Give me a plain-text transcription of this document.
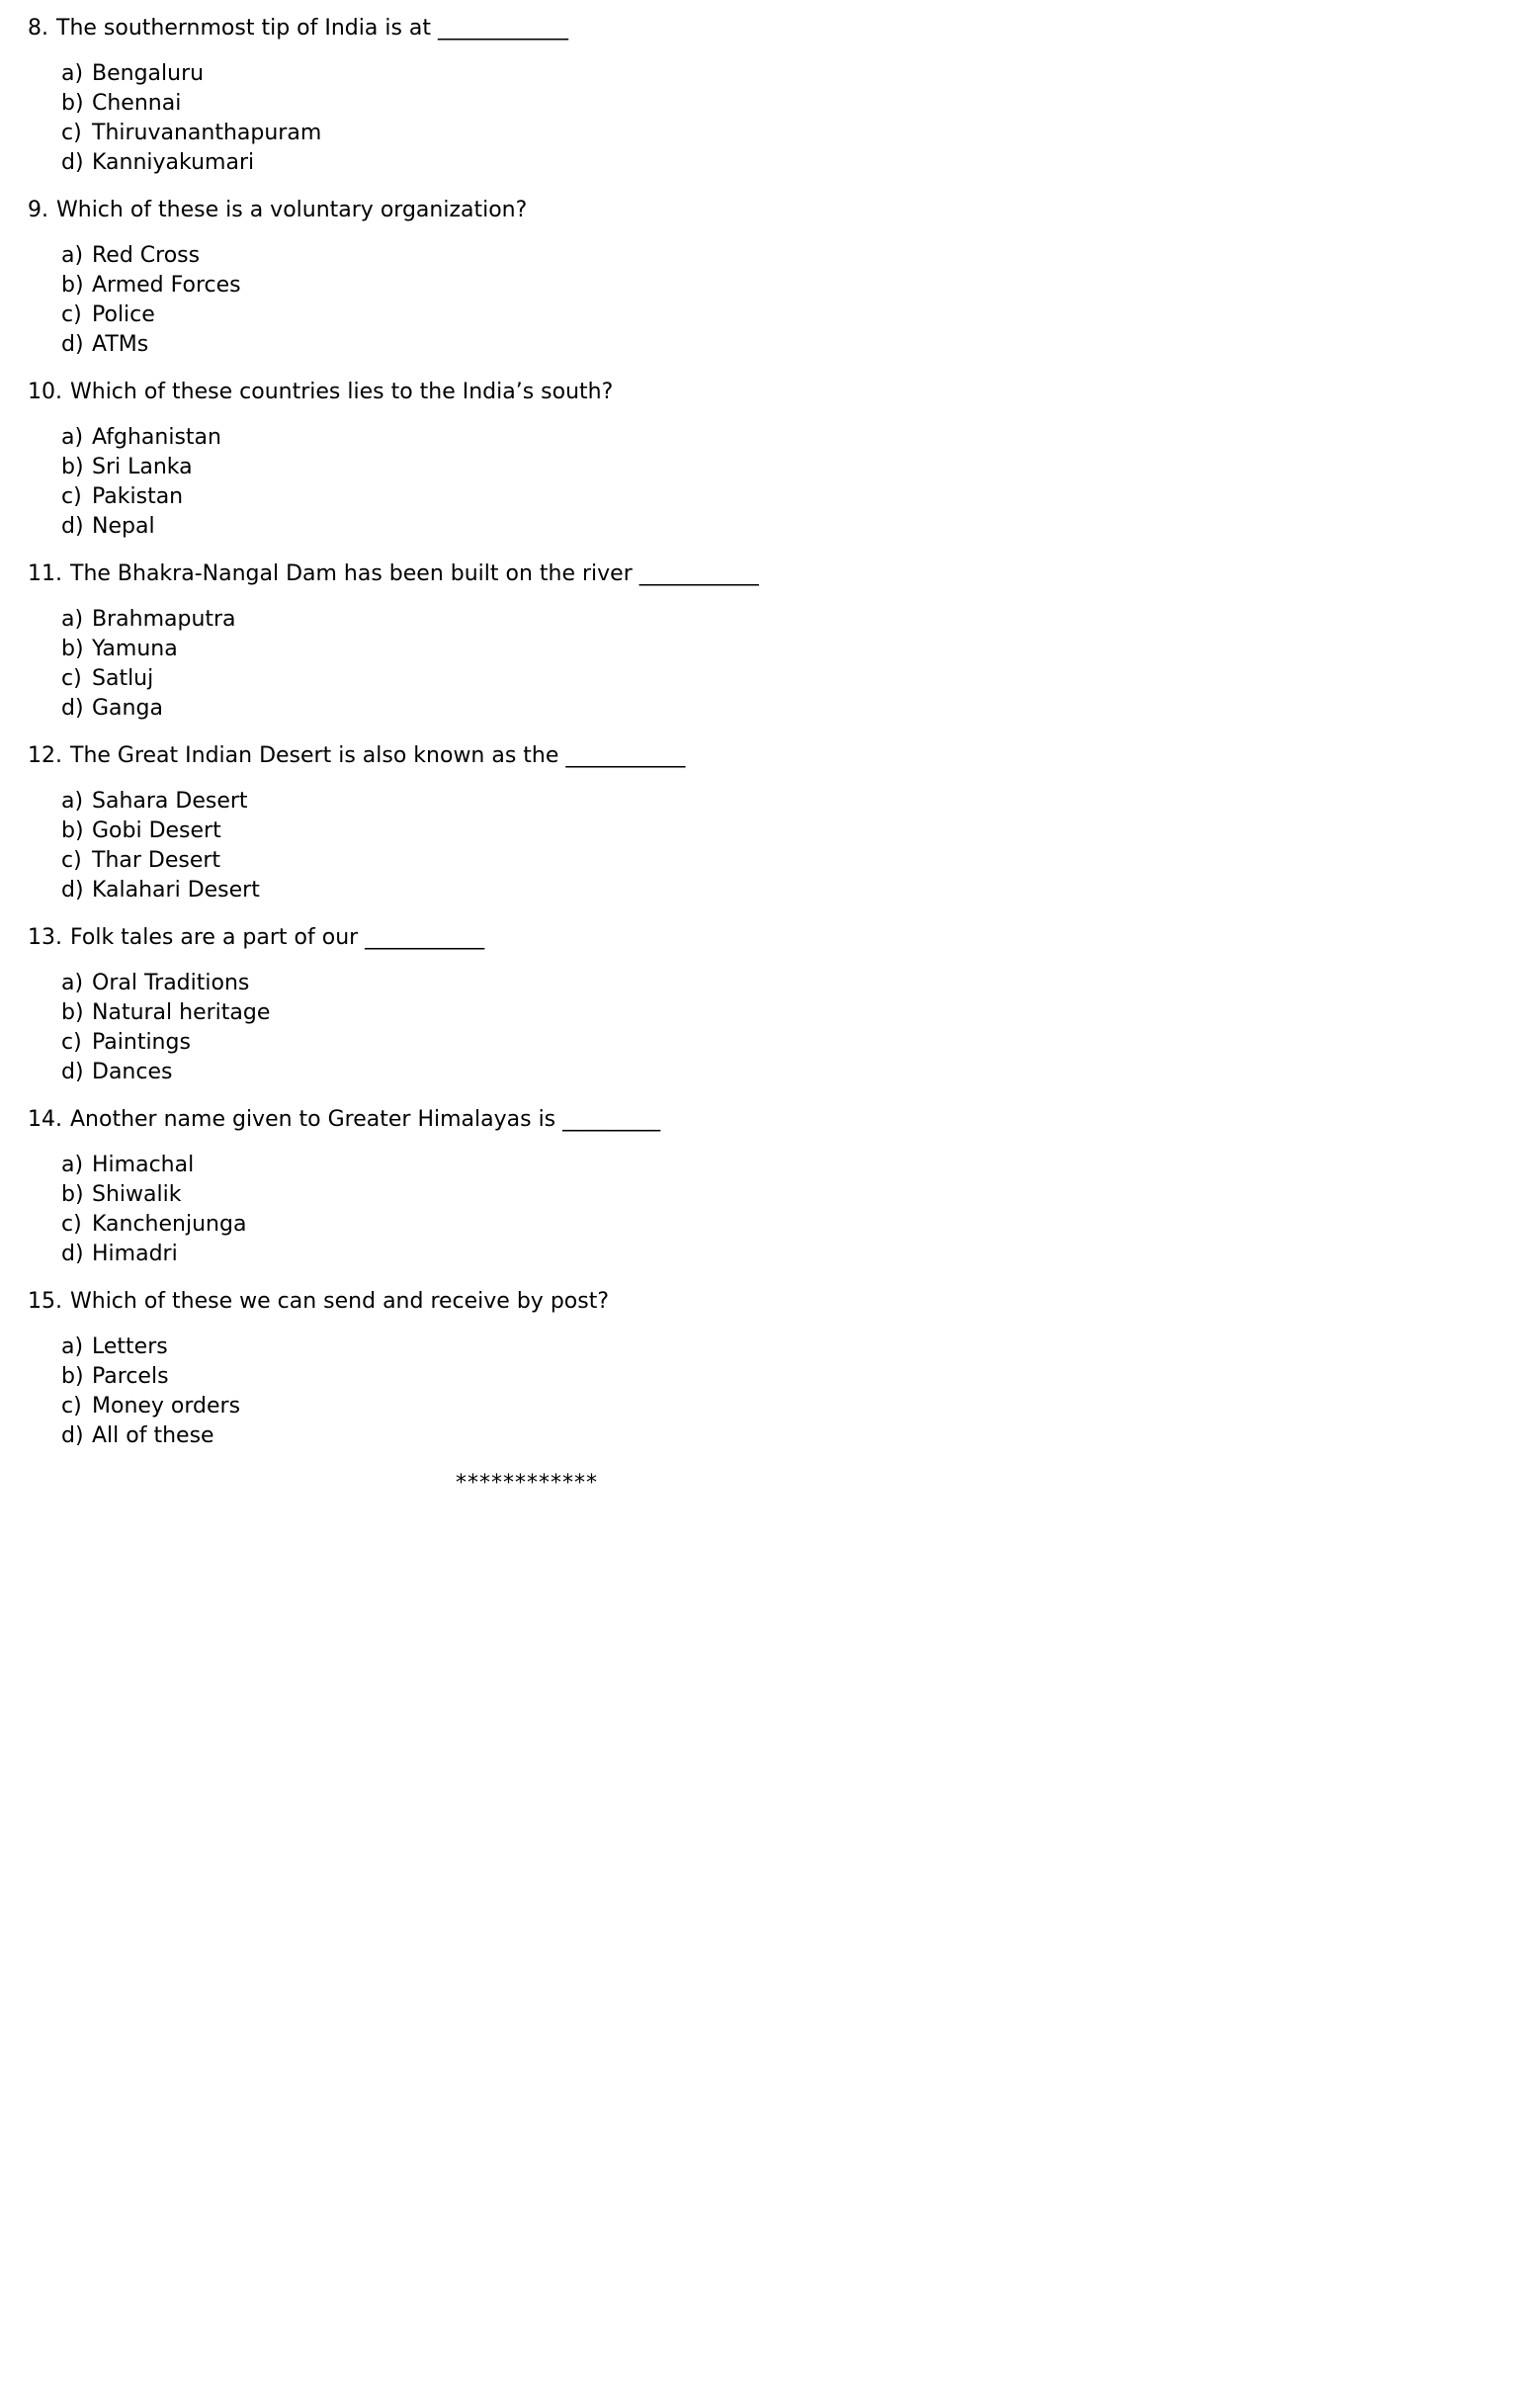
8. The southernmost tip of India is at ____________
a) Bengaluru
b) Chennai
c) Thiruvananthapuram
d) Kanniyakumari
9. Which of these is a voluntary organization?
a) Red Cross
b) Armed Forces
c) Police
d) ATMs
10. Which of these countries lies to the India’s south?
a) Afghanistan
b) Sri Lanka
c) Pakistan
d) Nepal
11. The Bhakra-Nangal Dam has been built on the river ___________
a) Brahmaputra
b) Yamuna
c) Satluj
d) Ganga
12. The Great Indian Desert is also known as the ___________
a) Sahara Desert
b) Gobi Desert
c) Thar Desert
d) Kalahari Desert
13. Folk tales are a part of our ___________
a) Oral Traditions
b) Natural heritage
c) Paintings
d) Dances
14. Another name given to Greater Himalayas is _________
a) Himachal
b) Shiwalik
c) Kanchenjunga
d) Himadri
15. Which of these we can send and receive by post?
a) Letters
b) Parcels
c) Money orders
d) All of these
************
